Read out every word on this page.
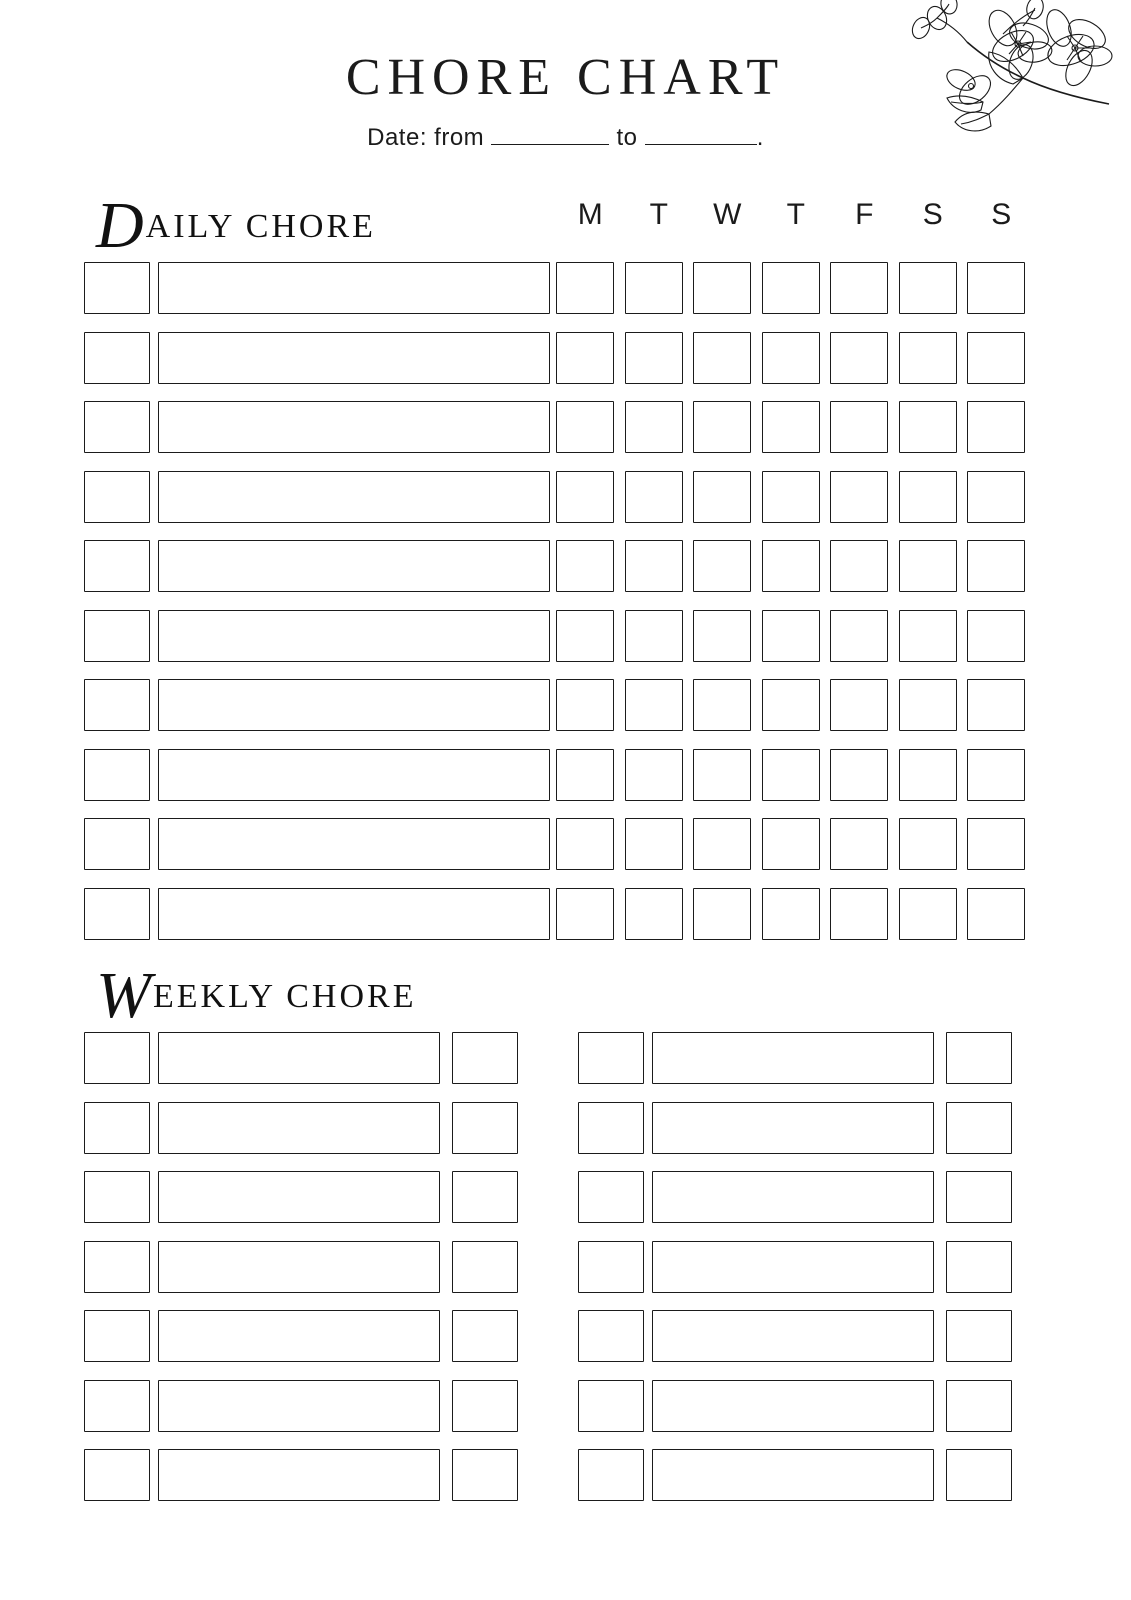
CHORE CHART
Date: from	to	.
DAILY CHORE	M	T	W	T	F	S	S
WEEKLY CHORE
